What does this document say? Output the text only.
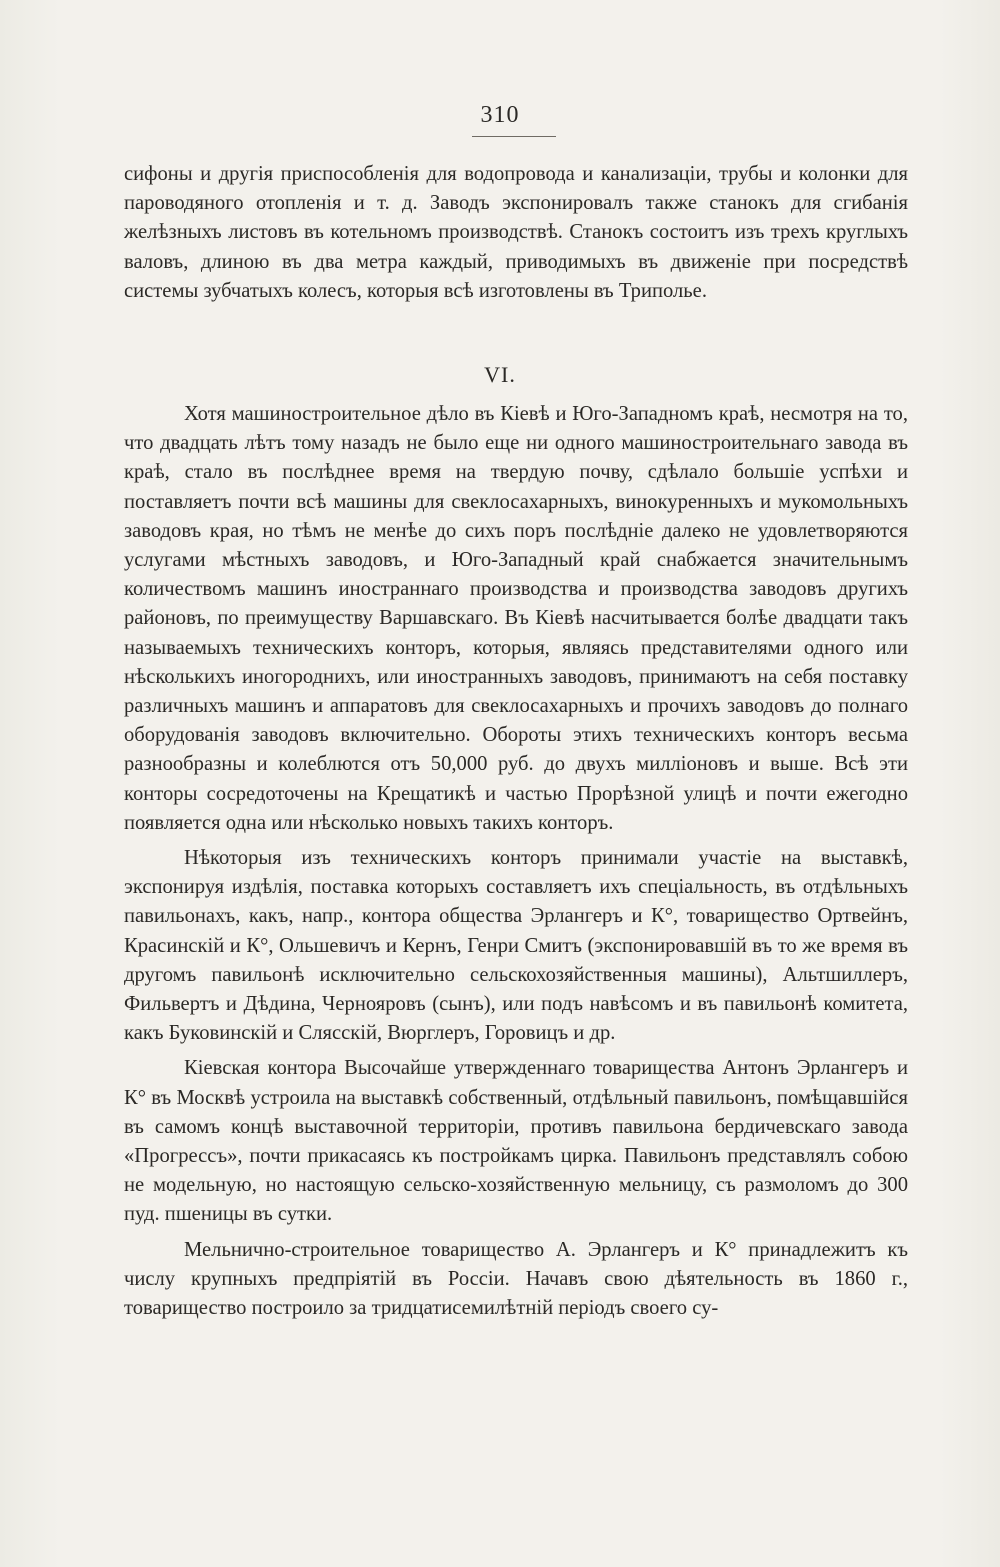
310

сифоны и другія приспособленія для водопровода и канализаціи, трубы и колонки для пароводяного отопленія и т. д. Заводъ экспонировалъ также станокъ для сгибанія желѣзныхъ листовъ въ котельномъ производствѣ. Станокъ состоитъ изъ трехъ круглыхъ валовъ, длиною въ два метра каждый, приводимыхъ въ движеніе при посредствѣ системы зубчатыхъ колесъ, которыя всѣ изготовлены въ Триполье.

VI.

Хотя машиностроительное дѣло въ Кіевѣ и Юго-Западномъ краѣ, несмотря на то, что двадцать лѣтъ тому назадъ не было еще ни одного машиностроительнаго завода въ краѣ, стало въ послѣднее время на твердую почву, сдѣлало большіе успѣхи и поставляетъ почти всѣ машины для свеклосахарныхъ, винокуренныхъ и мукомольныхъ заводовъ края, но тѣмъ не менѣе до сихъ поръ послѣдніе далеко не удовлетворяются услугами мѣстныхъ заводовъ, и Юго-Западный край снабжается значительнымъ количествомъ машинъ иностраннаго производства и производства заводовъ другихъ районовъ, по преимуществу Варшавскаго. Въ Кіевѣ насчитывается болѣе двадцати такъ называемыхъ техническихъ конторъ, которыя, являясь представителями одного или нѣсколькихъ иногороднихъ, или иностранныхъ заводовъ, принимаютъ на себя поставку различныхъ машинъ и аппаратовъ для свеклосахарныхъ и прочихъ заводовъ до полнаго оборудованія заводовъ включительно. Обороты этихъ техническихъ конторъ весьма разнообразны и колеблются отъ 50,000 руб. до двухъ милліоновъ и выше. Всѣ эти конторы сосредоточены на Крещатикѣ и частью Прорѣзной улицѣ и почти ежегодно появляется одна или нѣсколько новыхъ такихъ конторъ.

Нѣкоторыя изъ техническихъ конторъ принимали участіе на выставкѣ, экспонируя издѣлія, поставка которыхъ составляетъ ихъ спеціальность, въ отдѣльныхъ павильонахъ, какъ, напр., контора общества Эрлангеръ и К°, товарищество Ортвейнъ, Красинскій и К°, Ольшевичъ и Кернъ, Генри Смитъ (экспонировавшій въ то же время въ другомъ павильонѣ исключительно сельскохозяйственныя машины), Альтшиллеръ, Фильвертъ и Дѣдина, Чернояровъ (сынъ), или подъ навѣсомъ и въ павильонѣ комитета, какъ Буковинскій и Слясскій, Вюрглеръ, Горовицъ и др.

Кіевская контора Высочайше утвержденнаго товарищества Антонъ Эрлангеръ и К° въ Москвѣ устроила на выставкѣ собственный, отдѣльный павильонъ, помѣщавшійся въ самомъ концѣ выставочной территоріи, противъ павильона бердичевскаго завода «Прогрессъ», почти прикасаясь къ постройкамъ цирка. Павильонъ представлялъ собою не модельную, но настоящую сельско-хозяйственную мельницу, съ размоломъ до 300 пуд. пшеницы въ сутки.

Мельнично-строительное товарищество А. Эрлангеръ и К° принадлежитъ къ числу крупныхъ предпріятій въ Россіи. Начавъ свою дѣятельность въ 1860 г., товарищество построило за тридцатисемилѣтній періодъ своего су-
